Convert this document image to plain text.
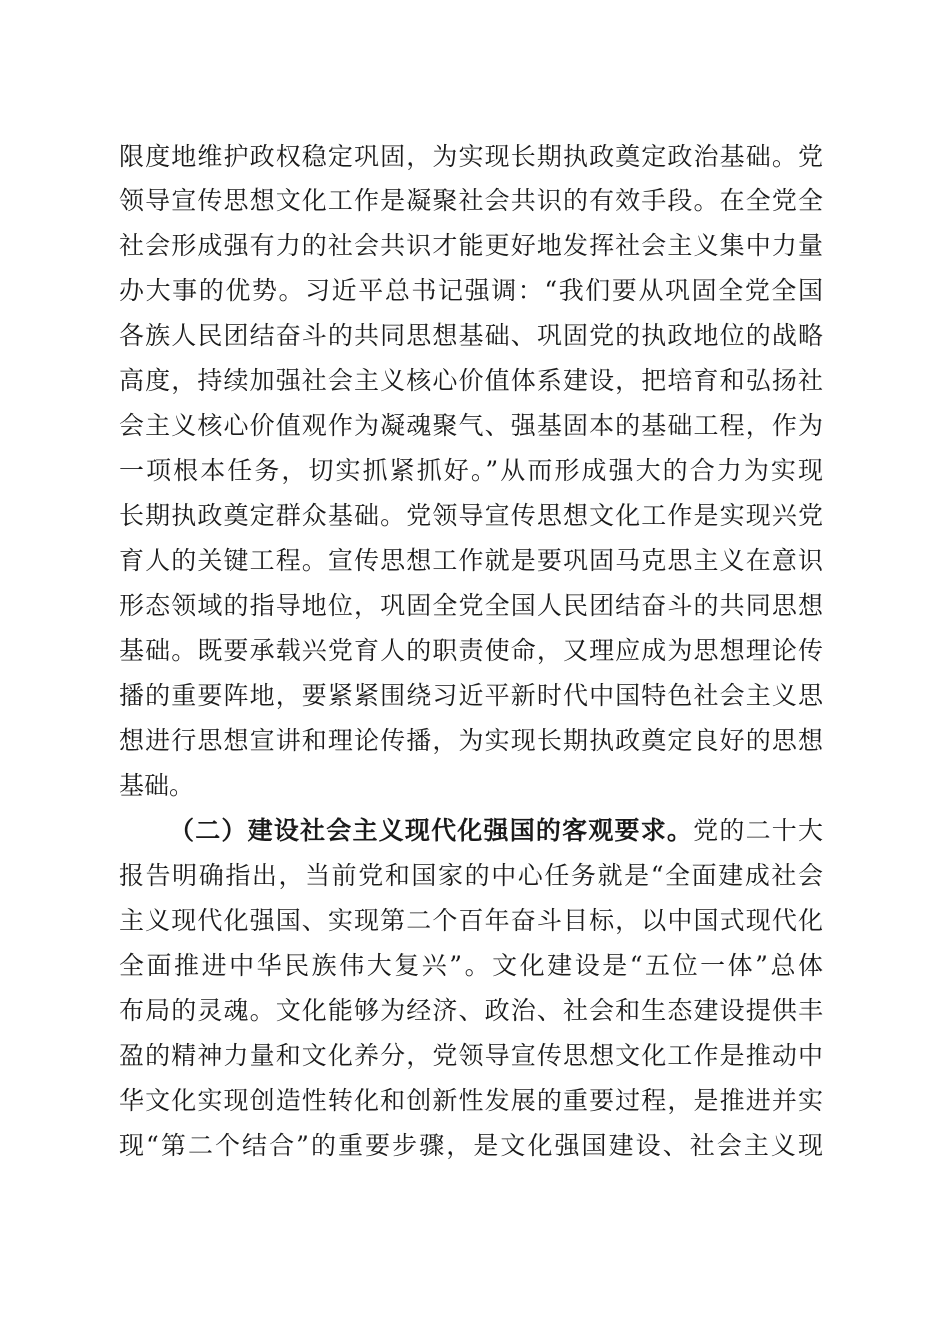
限度地维护政权稳定巩固，为实现长期执政奠定政治基础。党
领导宣传思想文化工作是凝聚社会共识的有效手段。在全党全
社会形成强有力的社会共识才能更好地发挥社会主义集中力量
办大事的优势。习近平总书记强调：“我们要从巩固全党全国
各族人民团结奋斗的共同思想基础、巩固党的执政地位的战略
高度，持续加强社会主义核心价值体系建设，把培育和弘扬社
会主义核心价值观作为凝魂聚气、强基固本的基础工程，作为
一项根本任务，切实抓紧抓好。”从而形成强大的合力为实现
长期执政奠定群众基础。党领导宣传思想文化工作是实现兴党
育人的关键工程。宣传思想工作就是要巩固马克思主义在意识
形态领域的指导地位，巩固全党全国人民团结奋斗的共同思想
基础。既要承载兴党育人的职责使命，又理应成为思想理论传
播的重要阵地，要紧紧围绕习近平新时代中国特色社会主义思
想进行思想宣讲和理论传播，为实现长期执政奠定良好的思想
基础。
（二）建设社会主义现代化强国的客观要求。党的二十大
报告明确指出，当前党和国家的中心任务就是“全面建成社会
主义现代化强国、实现第二个百年奋斗目标，以中国式现代化
全面推进中华民族伟大复兴”。文化建设是“五位一体”总体
布局的灵魂。文化能够为经济、政治、社会和生态建设提供丰
盈的精神力量和文化养分，党领导宣传思想文化工作是推动中
华文化实现创造性转化和创新性发展的重要过程，是推进并实
现“第二个结合”的重要步骤，是文化强国建设、社会主义现
